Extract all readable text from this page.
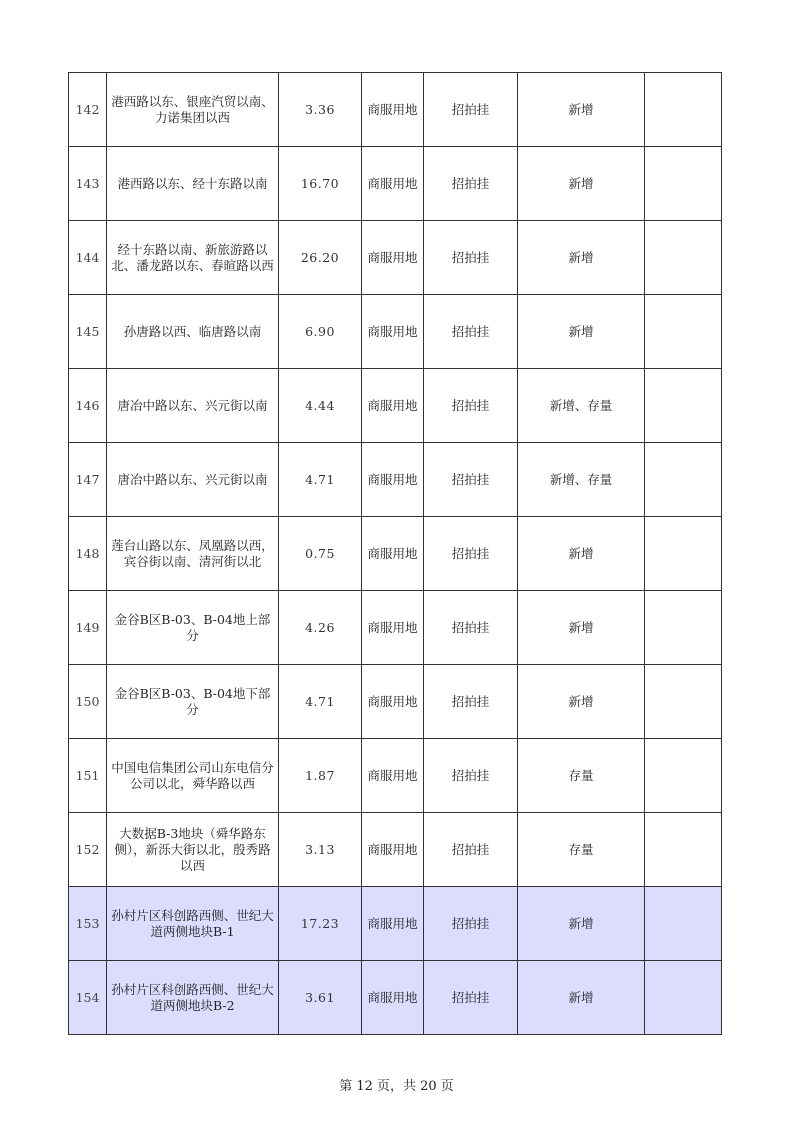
142	港西路以东、银座汽贸以南、力诺集团以西	3.36	商服用地	招拍挂	新增	
143	港西路以东、经十东路以南	16.70	商服用地	招拍挂	新增	
144	经十东路以南、新旅游路以北、潘龙路以东、春暄路以西	26.20	商服用地	招拍挂	新增	
145	孙唐路以西、临唐路以南	6.90	商服用地	招拍挂	新增	
146	唐冶中路以东、兴元街以南	4.44	商服用地	招拍挂	新增、存量	
147	唐冶中路以东、兴元街以南	4.71	商服用地	招拍挂	新增、存量	
148	莲台山路以东、凤凰路以西，宾谷街以南、清河街以北	0.75	商服用地	招拍挂	新增	
149	金谷B区B-03、B-04地上部分	4.26	商服用地	招拍挂	新增	
150	金谷B区B-03、B-04地下部分	4.71	商服用地	招拍挂	新增	
151	中国电信集团公司山东电信分公司以北，舜华路以西	1.87	商服用地	招拍挂	存量	
152	大数据B-3地块（舜华路东侧），新泺大街以北，殷秀路以西	3.13	商服用地	招拍挂	存量	
153	孙村片区科创路西侧、世纪大道两侧地块B-1	17.23	商服用地	招拍挂	新增	
154	孙村片区科创路西侧、世纪大道两侧地块B-2	3.61	商服用地	招拍挂	新增	
第 12 页，共 20 页
